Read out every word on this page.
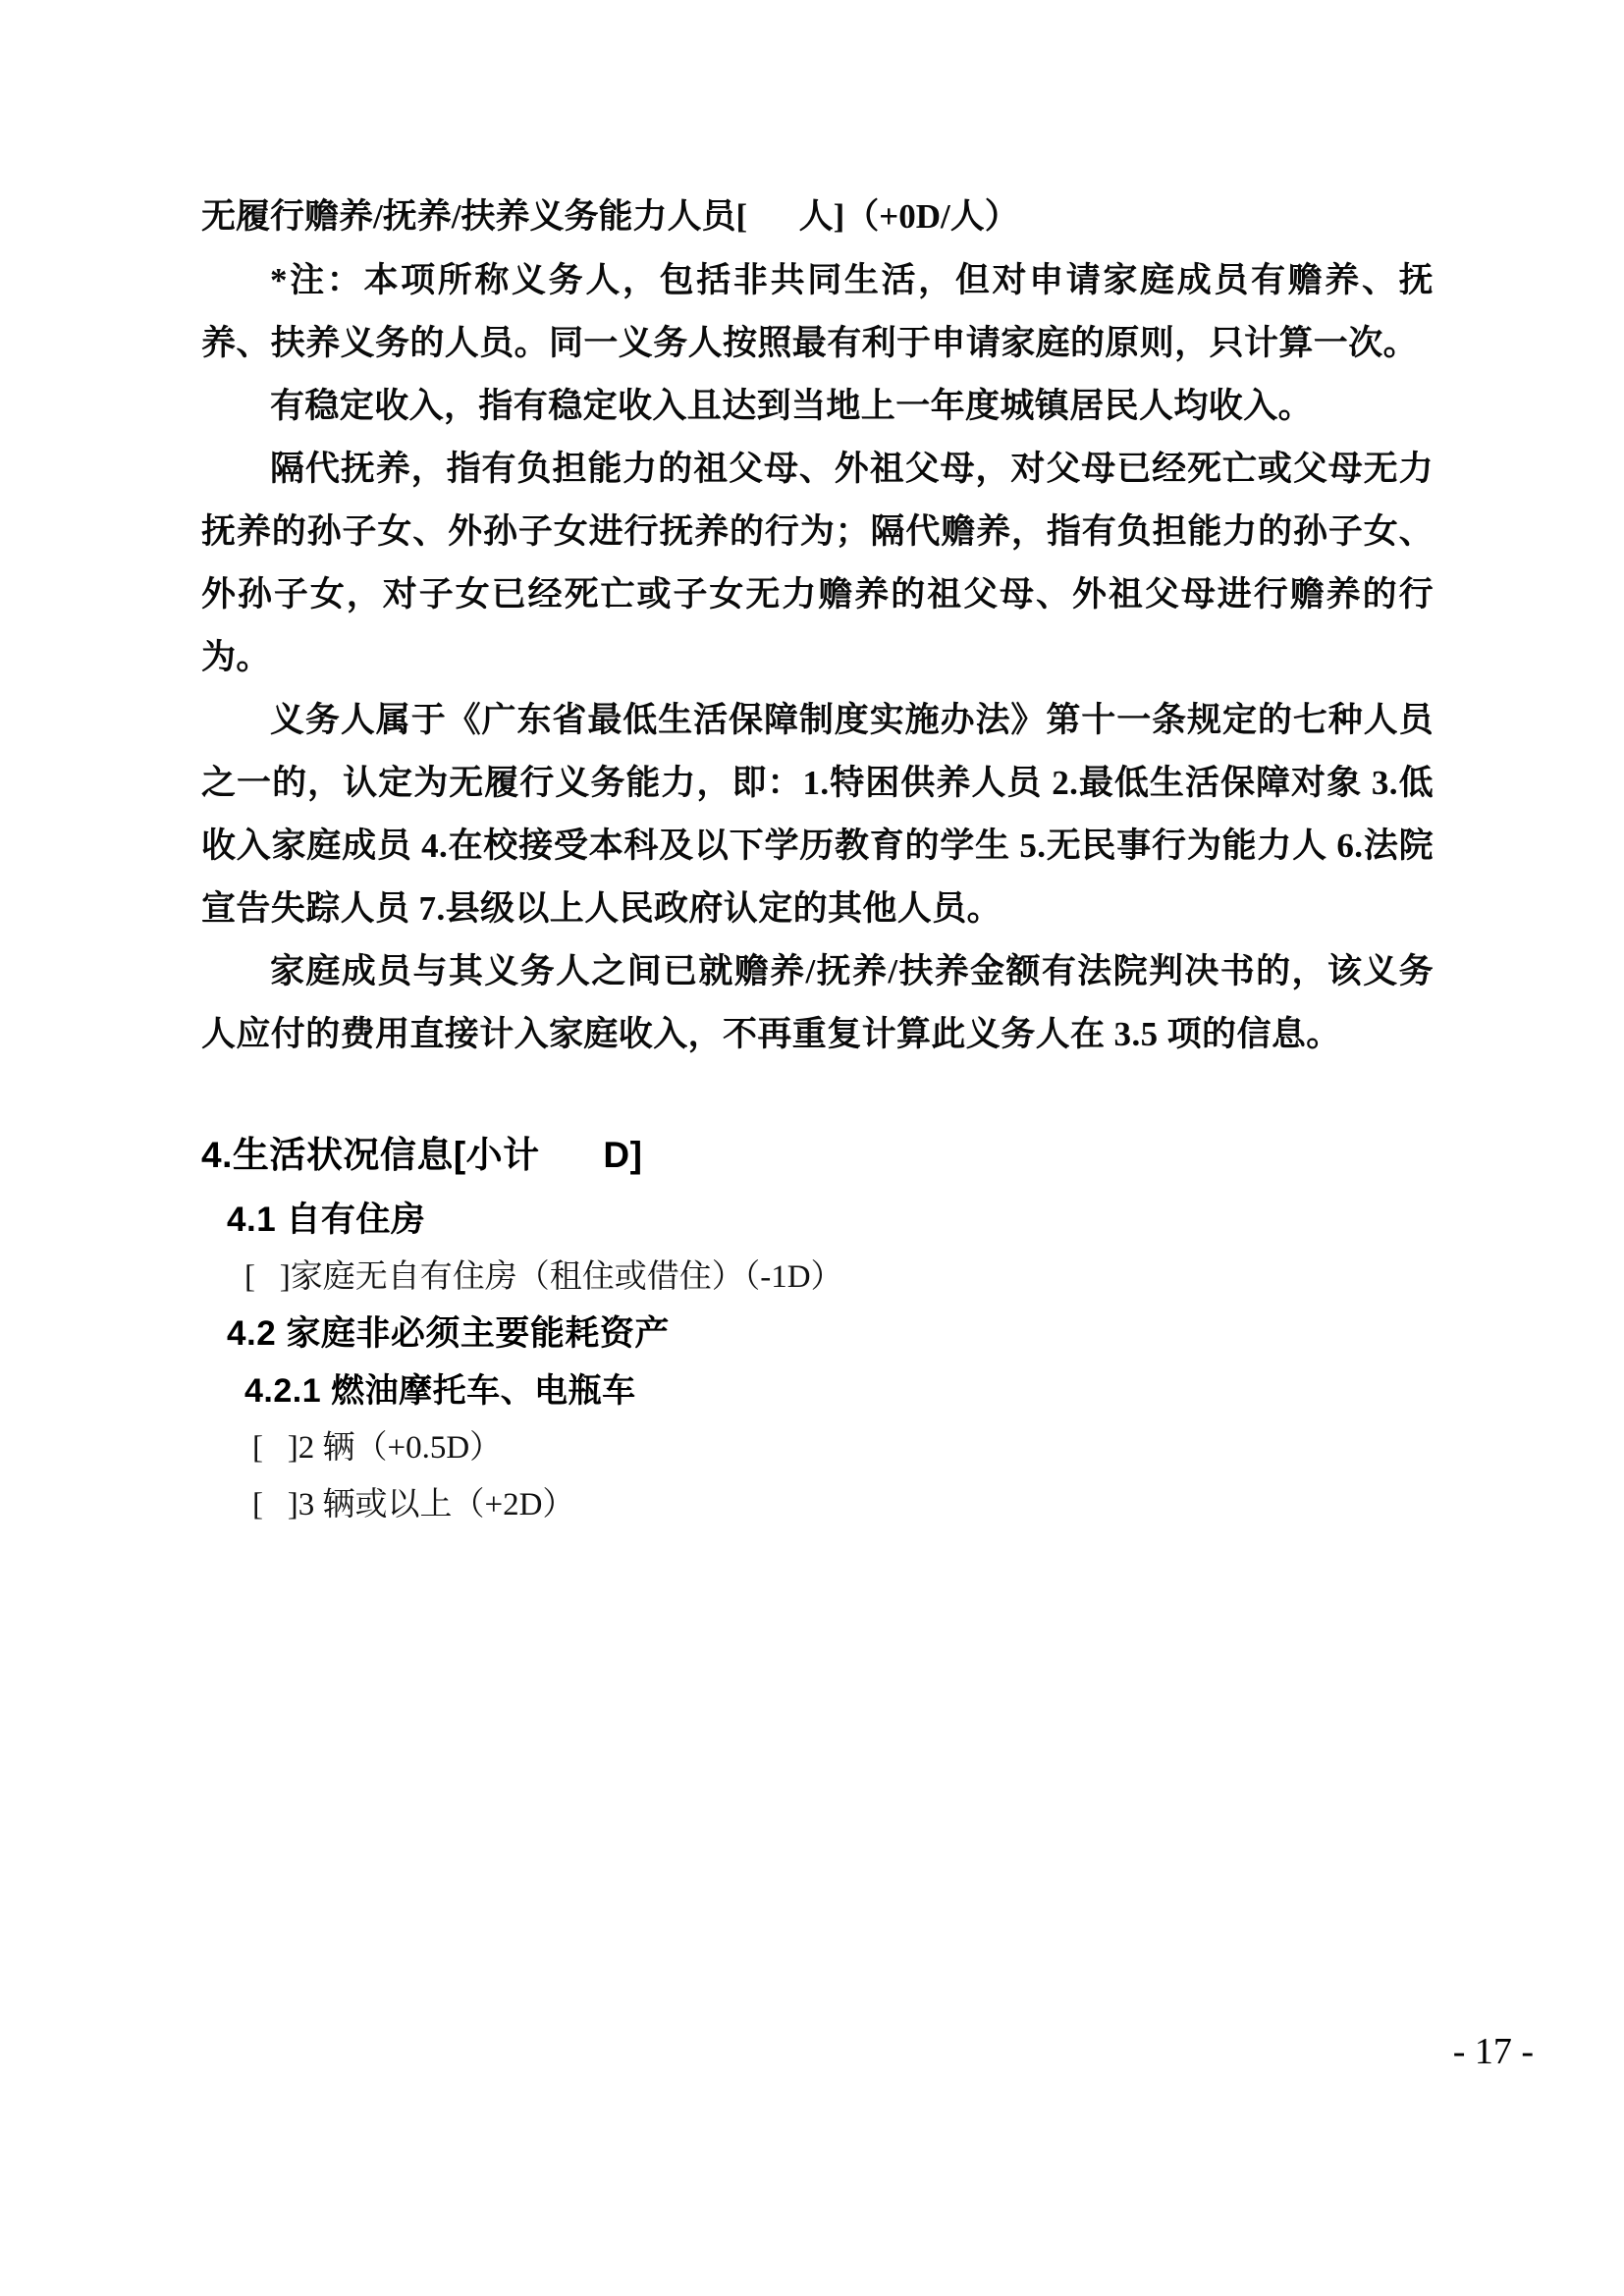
无履行赡养/抚养/扶养义务能力人员[      人]（+0D/人）

*注：本项所称义务人，包括非共同生活，但对申请家庭成员有赡养、抚养、扶养义务的人员。同一义务人按照最有利于申请家庭的原则，只计算一次。

有稳定收入，指有稳定收入且达到当地上一年度城镇居民人均收入。

隔代抚养，指有负担能力的祖父母、外祖父母，对父母已经死亡或父母无力抚养的孙子女、外孙子女进行抚养的行为；隔代赡养，指有负担能力的孙子女、外孙子女，对子女已经死亡或子女无力赡养的祖父母、外祖父母进行赡养的行为。

义务人属于《广东省最低生活保障制度实施办法》第十一条规定的七种人员之一的，认定为无履行义务能力，即：1.特困供养人员 2.最低生活保障对象 3.低收入家庭成员 4.在校接受本科及以下学历教育的学生 5.无民事行为能力人 6.法院宣告失踪人员 7.县级以上人民政府认定的其他人员。

家庭成员与其义务人之间已就赡养/抚养/扶养金额有法院判决书的，该义务人应付的费用直接计入家庭收入，不再重复计算此义务人在 3.5 项的信息。

4.生活状况信息[小计      D]
4.1 自有住房
[   ]家庭无自有住房（租住或借住）（-1D）
4.2 家庭非必须主要能耗资产
4.2.1 燃油摩托车、电瓶车
[   ]2 辆（+0.5D）
[   ]3 辆或以上（+2D）
- 17 -
